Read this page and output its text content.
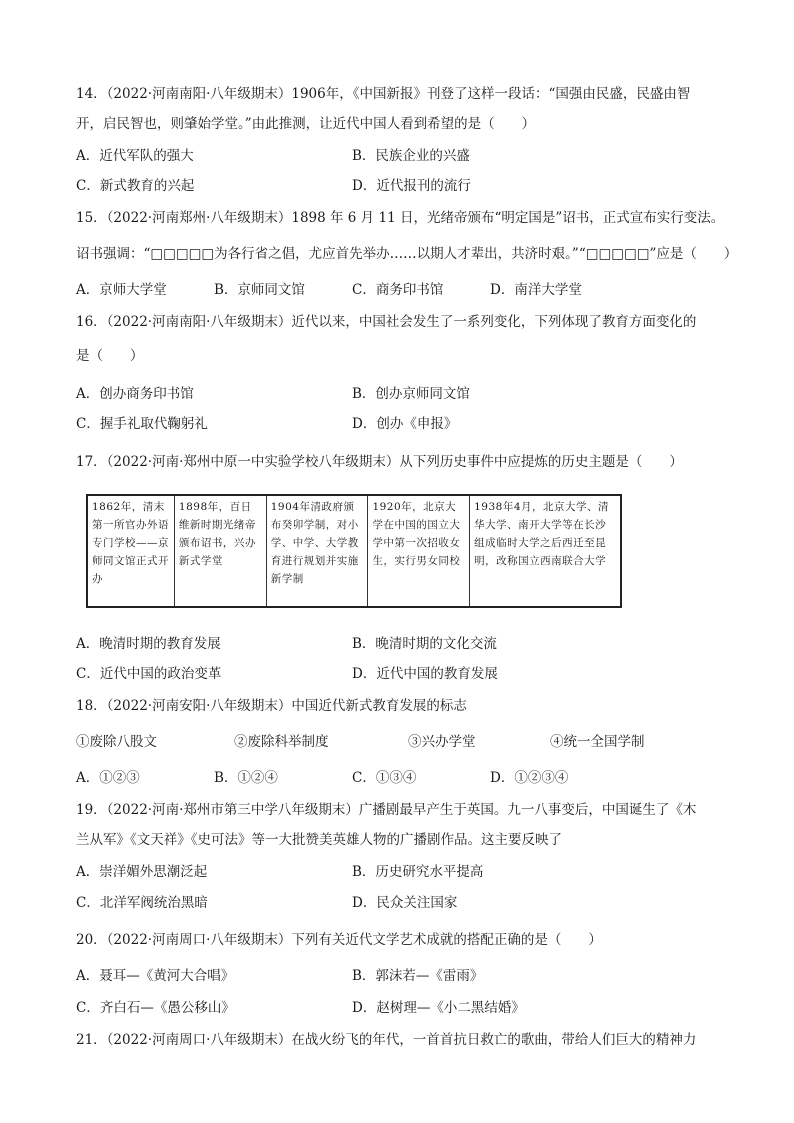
14．（2022·河南南阳·八年级期末）1906年，《中国新报》刊登了这样一段话：“国强由民盛，民盛由智
开，启民智也，则肇始学堂。”由此推测，让近代中国人看到希望的是（　　）
A．近代军队的强大	B．民族企业的兴盛
C．新式教育的兴起	D．近代报刊的流行
15．（2022·河南郑州·八年级期末）1898 年 6 月 11 日，光绪帝颁布“明定国是”诏书，正式宣布实行变法。
诏书强调：“□□□□□为各行省之倡，尤应首先举办……以期人才辈出，共济时艰。”“□□□□□”应是（　　）
A．京师大学堂	B．京师同文馆	C．商务印书馆	D．南洋大学堂
16．（2022·河南南阳·八年级期末）近代以来，中国社会发生了一系列变化，下列体现了教育方面变化的
是（　　）
A．创办商务印书馆	B．创办京师同文馆
C．握手礼取代鞠躬礼	D．创办《申报》
17．（2022·河南·郑州中原一中实验学校八年级期末）从下列历史事件中应提炼的历史主题是（　　）
1862年，清末第一所官办外语专门学校——京师同文馆正式开办	1898年，百日维新时期光绪帝颁布诏书，兴办新式学堂	1904年清政府颁布癸卯学制，对小学、中学、大学教育进行规划并实施新学制	1920年，北京大学在中国的国立大学中第一次招收女生，实行男女同校	1938年4月，北京大学、清华大学、南开大学等在长沙组成临时大学之后西迁至昆明，改称国立西南联合大学
A．晚清时期的教育发展	B．晚清时期的文化交流
C．近代中国的政治变革	D．近代中国的教育发展
18．（2022·河南安阳·八年级期末）中国近代新式教育发展的标志
①废除八股文	②废除科举制度	③兴办学堂	④统一全国学制
A．①②③	B．①②④	C．①③④	D．①②③④
19．（2022·河南·郑州市第三中学八年级期末）广播剧最早产生于英国。九一八事变后，中国诞生了《木
兰从军》《文天祥》《史可法》等一大批赞美英雄人物的广播剧作品。这主要反映了
A．崇洋媚外思潮泛起	B．历史研究水平提高
C．北洋军阀统治黑暗	D．民众关注国家
20．（2022·河南周口·八年级期末）下列有关近代文学艺术成就的搭配正确的是（　　）
A．聂耳—《黄河大合唱》	B．郭沫若—《雷雨》
C．齐白石—《愚公移山》	D．赵树理—《小二黑结婚》
21．（2022·河南周口·八年级期末）在战火纷飞的年代，一首首抗日救亡的歌曲，带给人们巨大的精神力
